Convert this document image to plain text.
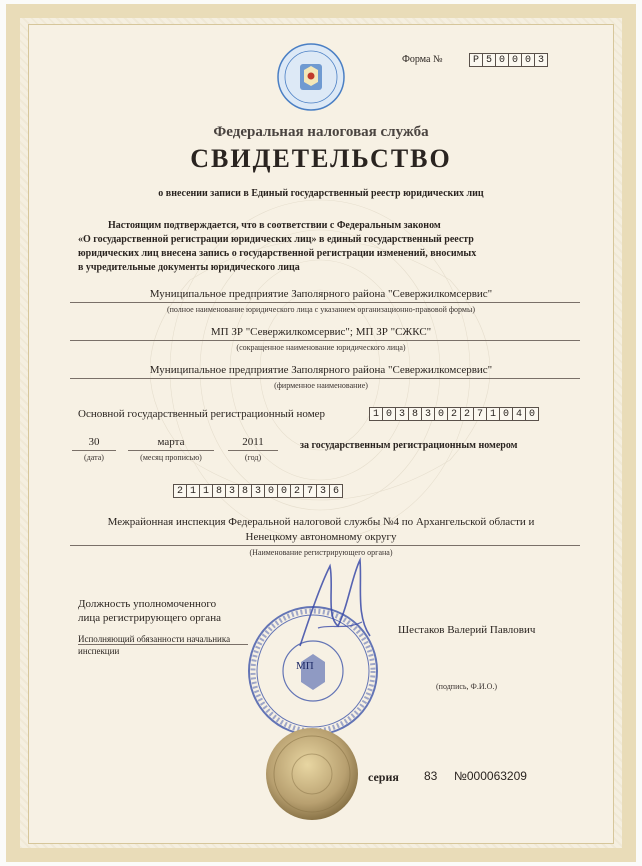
Форма №	Р 5 0 0 0 3
Федеральная налоговая служба
СВИДЕТЕЛЬСТВО
о внесении записи в Единый государственный реестр юридических лиц
Настоящим подтверждается, что в соответствии с Федеральным законом
«О государственной регистрации юридических лиц» в единый государственный реестр
юридических лиц внесена запись о государственной регистрации изменений, вносимых
в учредительные документы юридического лица
Муниципальное предприятие Заполярного района "Севержилкомсервис"
(полное наименование юридического лица с указанием организационно-правовой формы)
МП ЗР "Севержилкомсервис"; МП ЗР "СЖКС"
(сокращенное наименование юридического лица)
Муниципальное предприятие Заполярного района "Севержилкомсервис"
(фирменное наименование)
Основной государственный регистрационный номер	1 0 3 8 3 0 2 2 7 1 0 4 0
30
(дата)
марта
(месяц прописью)
2011
(год)
за государственным регистрационным номером
2 1 1 8 3 8 3 0 0 2 7 3 6
Межрайонная инспекция Федеральной налоговой службы №4 по Архангельской области и
Ненецкому автономному округу
(Наименование регистрирующего органа)
Должность уполномоченного
лица регистрирующего органа
Исполняющий обязанности начальника
инспекции
Шестаков Валерий Павлович
(подпись, Ф.И.О.)
МП
серия 83 №000063209
